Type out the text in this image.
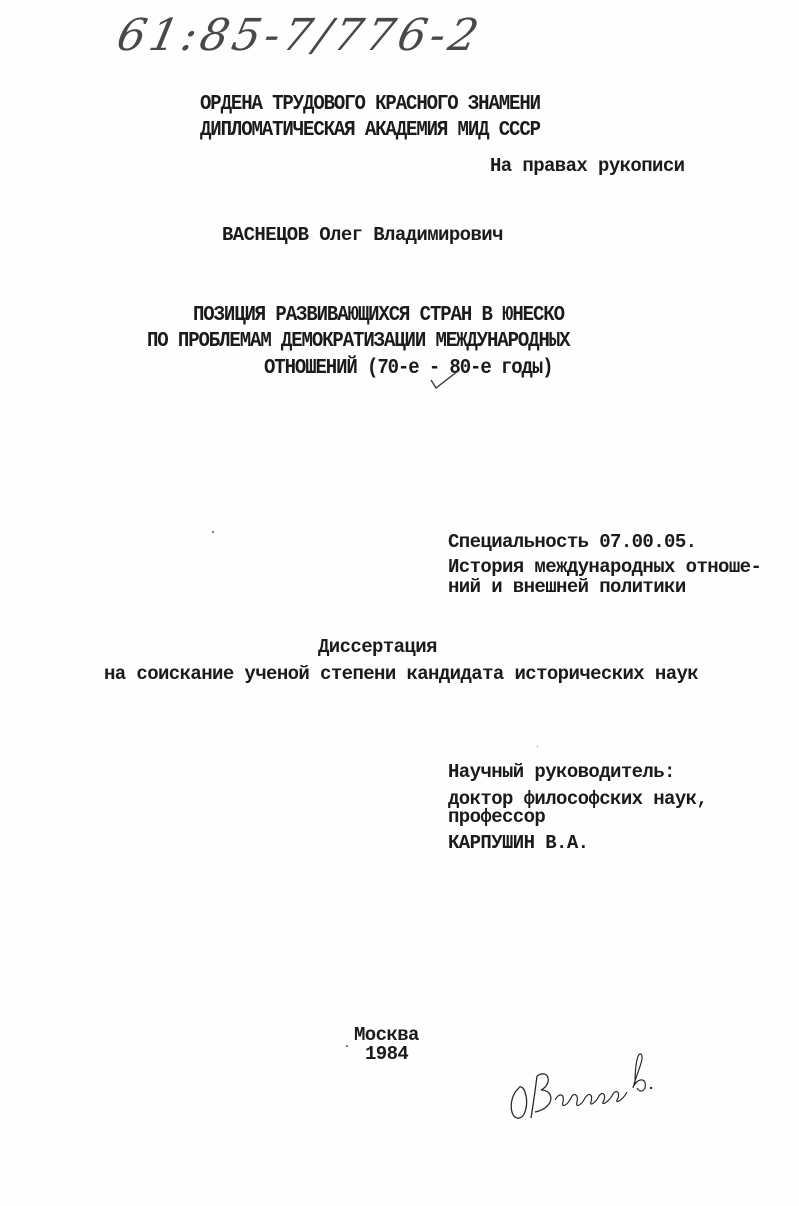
61:85-7/776-2
ОРДЕНА ТРУДОВОГО КРАСНОГО ЗНАМЕНИ
ДИПЛОМАТИЧЕСКАЯ АКАДЕМИЯ МИД СССР
На правах рукописи
ВАСНЕЦОВ Олег Владимирович
ПОЗИЦИЯ РАЗВИВАЮЩИХСЯ СТРАН В ЮНЕСКО
ПО ПРОБЛЕМАМ ДЕМОКРАТИЗАЦИИ МЕЖДУНАРОДНЫХ
ОТНОШЕНИЙ (70-е - 80-е годы)
Специальность 07.00.05.
История международных отноше-
ний и внешней политики
Диссертация
на соискание ученой степени кандидата исторических наук
Научный руководитель:
доктор философских наук,
профессор
КАРПУШИН В.А.
Москва
1984
